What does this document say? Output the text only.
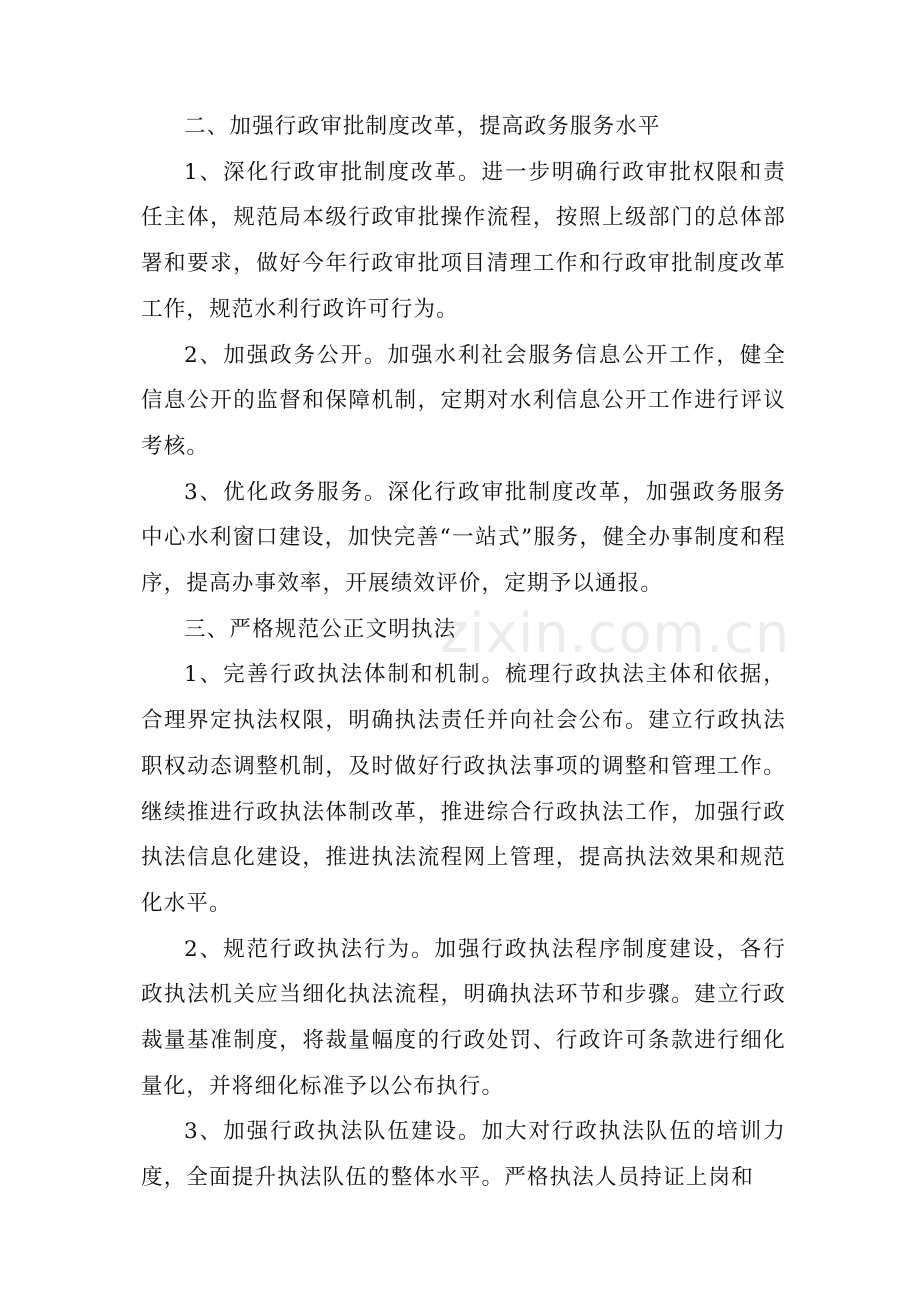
二、加强行政审批制度改革，提高政务服务水平

1、深化行政审批制度改革。进一步明确行政审批权限和责任主体，规范局本级行政审批操作流程，按照上级部门的总体部署和要求，做好今年行政审批项目清理工作和行政审批制度改革工作，规范水利行政许可行为。

2、加强政务公开。加强水利社会服务信息公开工作，健全信息公开的监督和保障机制，定期对水利信息公开工作进行评议考核。

3、优化政务服务。深化行政审批制度改革，加强政务服务中心水利窗口建设，加快完善“一站式”服务，健全办事制度和程序，提高办事效率，开展绩效评价，定期予以通报。

三、严格规范公正文明执法

1、完善行政执法体制和机制。梳理行政执法主体和依据，合理界定执法权限，明确执法责任并向社会公布。建立行政执法职权动态调整机制，及时做好行政执法事项的调整和管理工作。继续推进行政执法体制改革，推进综合行政执法工作，加强行政执法信息化建设，推进执法流程网上管理，提高执法效果和规范化水平。

2、规范行政执法行为。加强行政执法程序制度建设，各行政执法机关应当细化执法流程，明确执法环节和步骤。建立行政裁量基准制度，将裁量幅度的行政处罚、行政许可条款进行细化量化，并将细化标准予以公布执行。

3、加强行政执法队伍建设。加大对行政执法队伍的培训力度，全面提升执法队伍的整体水平。严格执法人员持证上岗和

zixin.com.cn
